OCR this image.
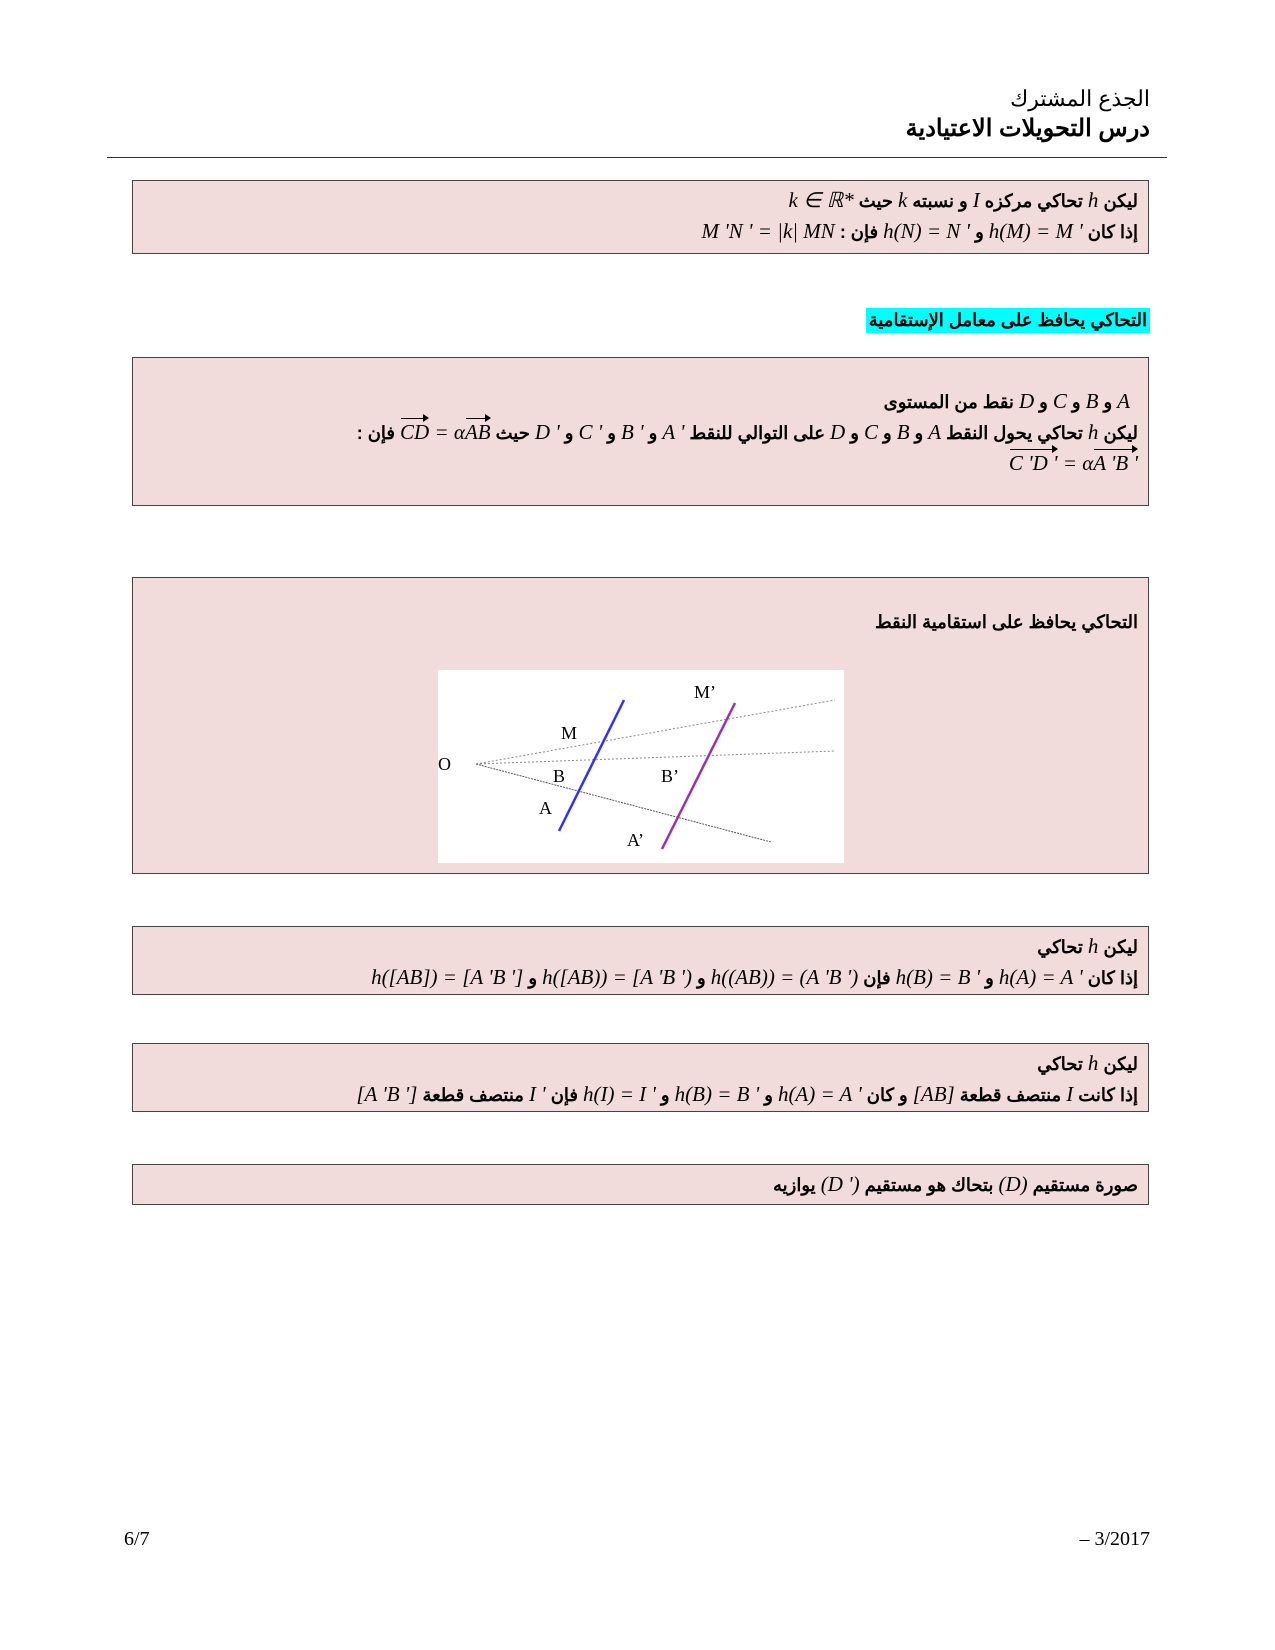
الجذع المشترك
درس التحويلات الاعتيادية
ليكن h تحاكي مركزه I و نسبته k حيث k ∈ ℝ*
إذا كان h(M) = M ' و h(N) = N ' فإن : M 'N ' = |k| MN
التحاكي يحافظ على معامل الإستقامية
A و B و C و D نقط من المستوى
ليكن h تحاكي يحول النقط A و B و C و D على التوالي للنقط A ' و B ' و C ' و D ' حيث CD = αAB فإن :
C 'D ' = αA 'B '
التحاكي يحافظ على استقامية النقط
O
M
M’
B	B’
A
A’
ليكن h تحاكي
إذا كان h(A) = A ' و h(B) = B ' فإن h((AB)) = (A 'B ') و h([AB)) = [A 'B ') و h([AB]) = [A 'B ']
ليكن h تحاكي
إذا كانت I منتصف قطعة [AB] و كان h(A) = A ' و h(B) = B ' و h(I) = I ' فإن I ' منتصف قطعة [A 'B ']
صورة مستقيم (D) بتحاك هو مستقيم (D ') يوازيه
6/7	– 3/2017
